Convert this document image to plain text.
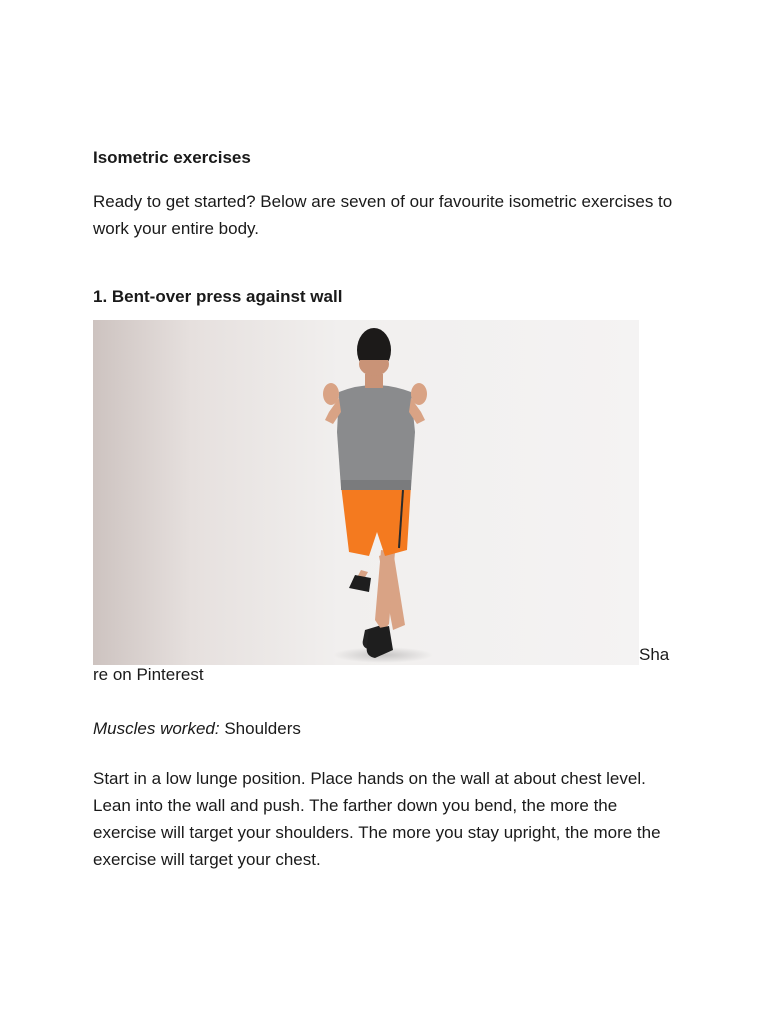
Isometric exercises

Ready to get started? Below are seven of our favourite isometric exercises to work your entire body.

1. Bent-over press against wall
Share on Pinterest

Muscles worked: Shoulders

Start in a low lunge position. Place hands on the wall at about chest level. Lean into the wall and push. The farther down you bend, the more the exercise will target your shoulders. The more you stay upright, the more the exercise will target your chest.
